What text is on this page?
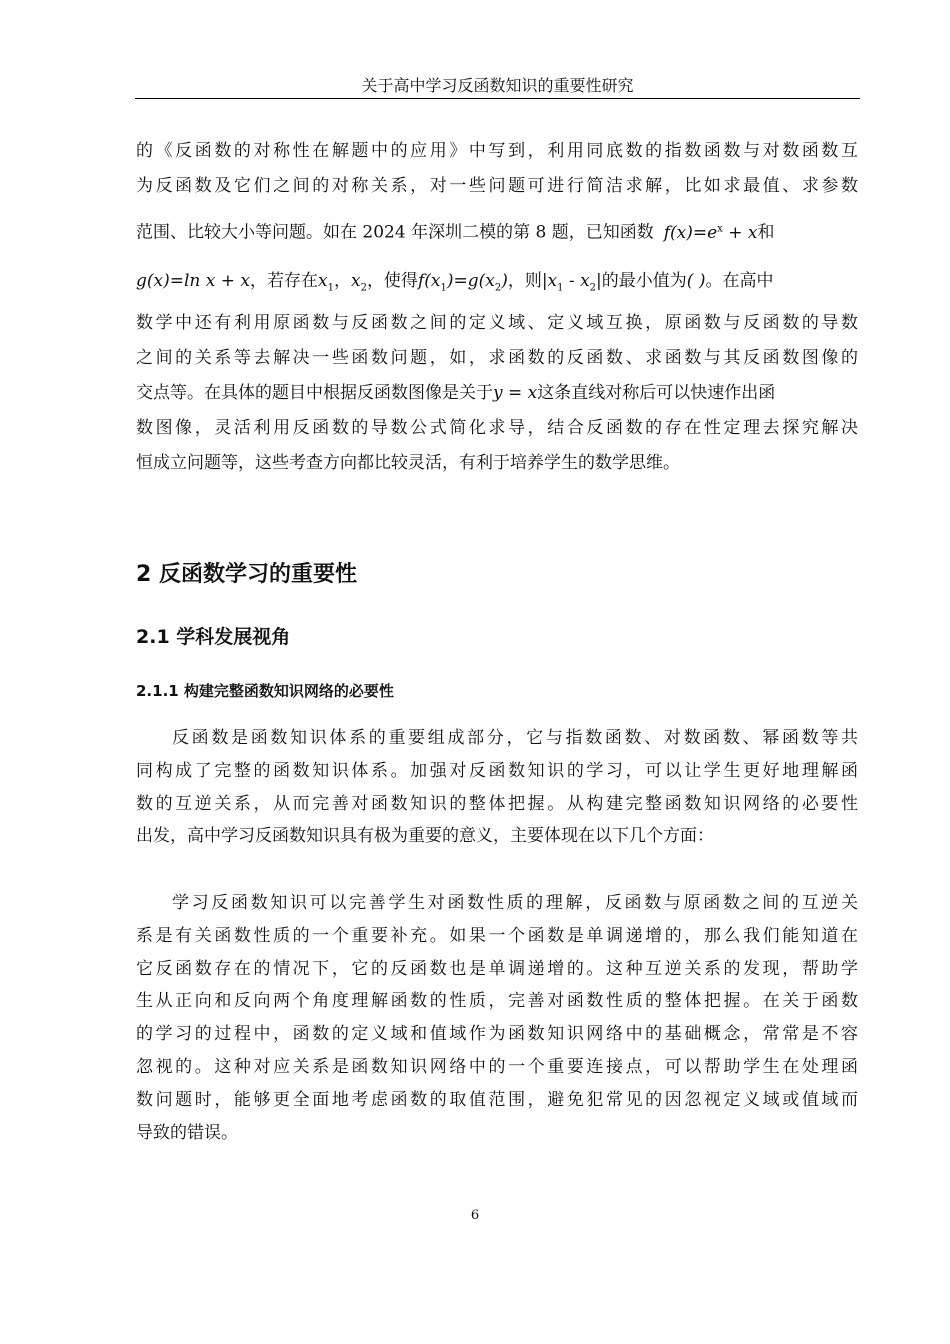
关于高中学习反函数知识的重要性研究
的《反函数的对称性在解题中的应用》中写到，利用同底数的指数函数与对数函数互
为反函数及它们之间的对称关系，对一些问题可进行简洁求解，比如求最值、求参数
范围、比较大小等问题。如在 2024 年深圳二模的第 8 题，已知函数 $f(x)=e^x + x$和
g(x)=ln x + x，若存在$x_1$，$x_2$，使得$f(x_1)=g(x_2)$，则$|x_1 - x_2|$的最小值为( )。在高中
数学中还有利用原函数与反函数之间的定义域、定义域互换，原函数与反函数的导数
之间的关系等去解决一些函数问题，如，求函数的反函数、求函数与其反函数图像的
交点等。在具体的题目中根据反函数图像是关于y = x这条直线对称后可以快速作出函
数图像，灵活利用反函数的导数公式简化求导，结合反函数的存在性定理去探究解决
恒成立问题等，这些考查方向都比较灵活，有利于培养学生的数学思维。
2 反函数学习的重要性
2.1 学科发展视角
2.1.1 构建完整函数知识网络的必要性
反函数是函数知识体系的重要组成部分，它与指数函数、对数函数、幂函数等共
同构成了完整的函数知识体系。加强对反函数知识的学习，可以让学生更好地理解函
数的互逆关系，从而完善对函数知识的整体把握。从构建完整函数知识网络的必要性
出发，高中学习反函数知识具有极为重要的意义，主要体现在以下几个方面：
学习反函数知识可以完善学生对函数性质的理解，反函数与原函数之间的互逆关
系是有关函数性质的一个重要补充。如果一个函数是单调递增的，那么我们能知道在
它反函数存在的情况下，它的反函数也是单调递增的。这种互逆关系的发现，帮助学
生从正向和反向两个角度理解函数的性质，完善对函数性质的整体把握。在关于函数
的学习的过程中，函数的定义域和值域作为函数知识网络中的基础概念，常常是不容
忽视的。这种对应关系是函数知识网络中的一个重要连接点，可以帮助学生在处理函
数问题时，能够更全面地考虑函数的取值范围，避免犯常见的因忽视定义域或值域而
导致的错误。
6
